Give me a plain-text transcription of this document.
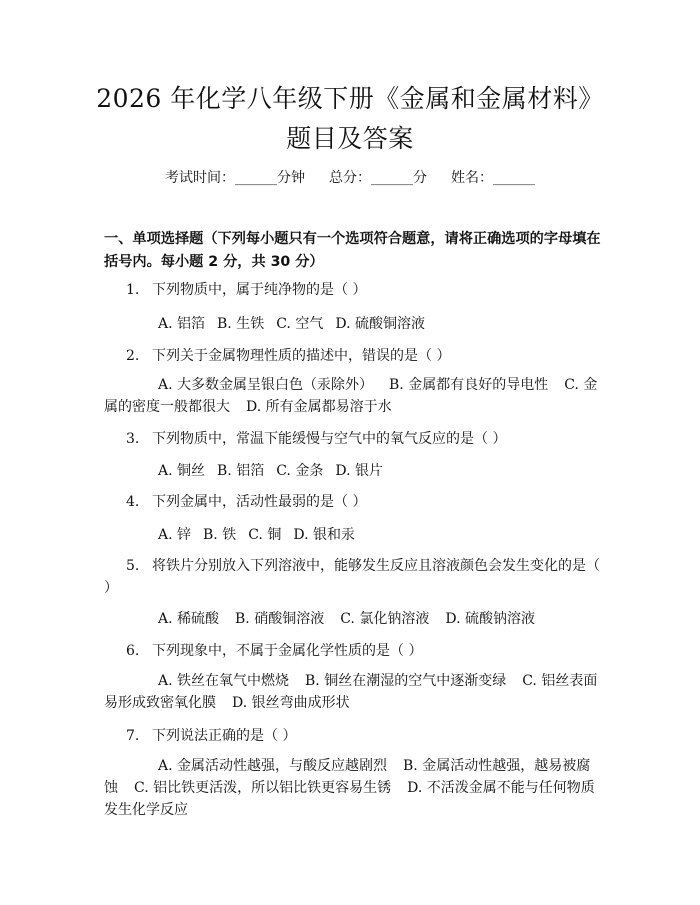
2026 年化学八年级下册《金属和金属材料》
题目及答案
考试时间：______分钟 总分：______分 姓名：______
一、单项选择题（下列每小题只有一个选项符合题意，请将正确选项的字母填在括号内。每小题 2 分，共 30 分）
1. 下列物质中，属于纯净物的是（ ）
A. 铝箔 B. 生铁 C. 空气 D. 硫酸铜溶液
2. 下列关于金属物理性质的描述中，错误的是（ ）
A. 大多数金属呈银白色（汞除外） B. 金属都有良好的导电性 C. 金属的密度一般都很大 D. 所有金属都易溶于水
3. 下列物质中，常温下能缓慢与空气中的氧气反应的是（ ）
A. 铜丝 B. 铝箔 C. 金条 D. 银片
4. 下列金属中，活动性最弱的是（ ）
A. 锌 B. 铁 C. 铜 D. 银和汞
5. 将铁片分别放入下列溶液中，能够发生反应且溶液颜色会发生变化的是（ ）
A. 稀硫酸 B. 硝酸铜溶液 C. 氯化钠溶液 D. 硫酸钠溶液
6. 下列现象中，不属于金属化学性质的是（ ）
A. 铁丝在氧气中燃烧 B. 铜丝在潮湿的空气中逐渐变绿 C. 铝丝表面易形成致密氧化膜 D. 银丝弯曲成形状
7. 下列说法正确的是（ ）
A. 金属活动性越强，与酸反应越剧烈 B. 金属活动性越强，越易被腐蚀 C. 铝比铁更活泼，所以铝比铁更容易生锈 D. 不活泼金属不能与任何物质发生化学反应
